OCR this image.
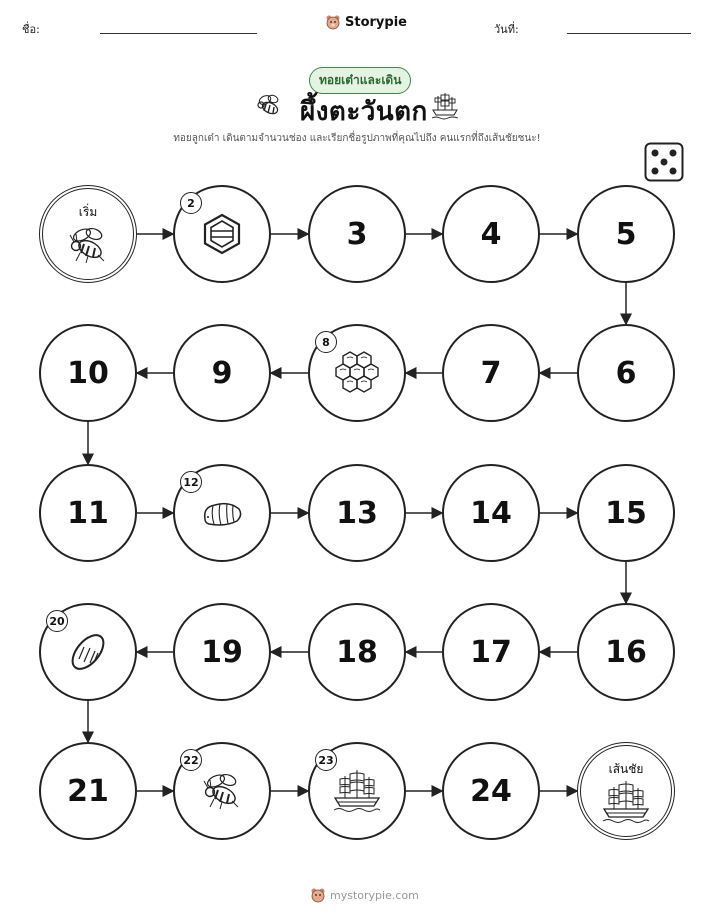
ชื่อ:	Storypie	วันที่:
ทอยเต๋าและเดิน
ผึ้งตะวันตก
ทอยลูกเต๋า เดินตามจำนวนช่อง และเรียกชื่อรูปภาพที่คุณไปถึง คนแรกที่ถึงเส้นชัยชนะ!
เริ่ม
2
3	4	5
6
7
8
9
10
11
12
13	14	15
16
17
18
19
20
21
22	23
24
เส้นชัย
mystorypie.com
